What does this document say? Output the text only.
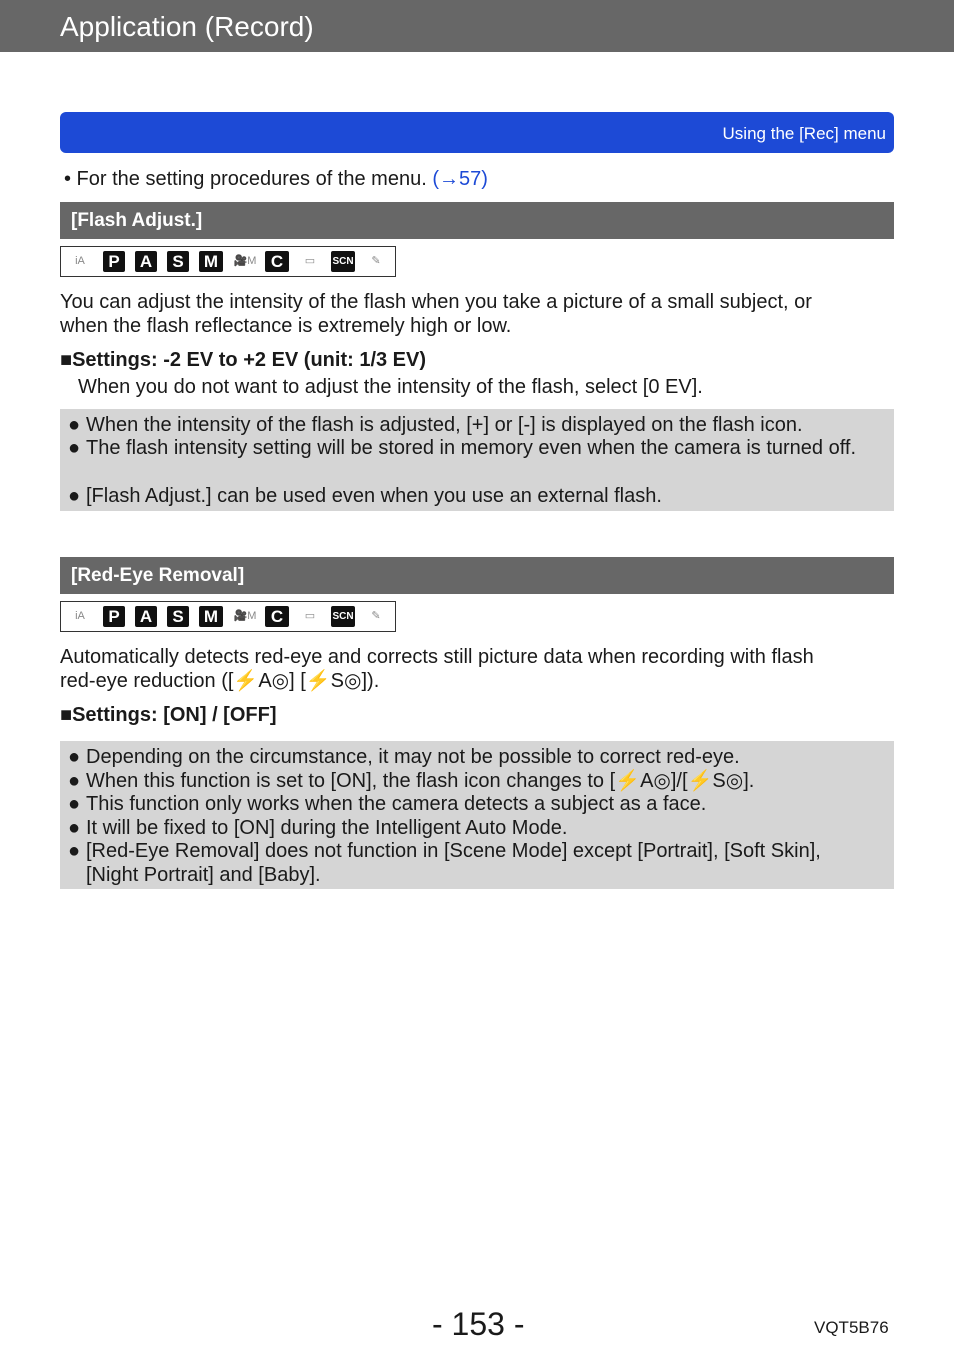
Application (Record)
Using the [Rec] menu
• For the setting procedures of the menu. (→57)
[Flash Adjust.]
iA	P	A	S	M	🎥M C	▭	SCN	✎
You can adjust the intensity of the flash when you take a picture of a small subject, or
when the flash reflectance is extremely high or low.
■Settings: -2 EV to +2 EV (unit: 1/3 EV)
When you do not want to adjust the intensity of the flash, select [0 EV].
● When the intensity of the flash is adjusted, [+] or [-] is displayed on the flash icon.
● The flash intensity setting will be stored in memory even when the camera is turned off.
● [Flash Adjust.] can be used even when you use an external flash.
[Red-Eye Removal]
iA	P	A	S	M	🎥M C	▭	SCN	✎
Automatically detects red-eye and corrects still picture data when recording with flash
red-eye reduction ([⚡A◎] [⚡S◎]).
■Settings: [ON] / [OFF]
● Depending on the circumstance, it may not be possible to correct red-eye.
● When this function is set to [ON], the flash icon changes to [⚡A◎]/[⚡S◎].
● This function only works when the camera detects a subject as a face.
● It will be fixed to [ON] during the Intelligent Auto Mode.
● [Red-Eye Removal] does not function in [Scene Mode] except [Portrait], [Soft Skin], [Night Portrait] and [Baby].
- 153 -	VQT5B76
